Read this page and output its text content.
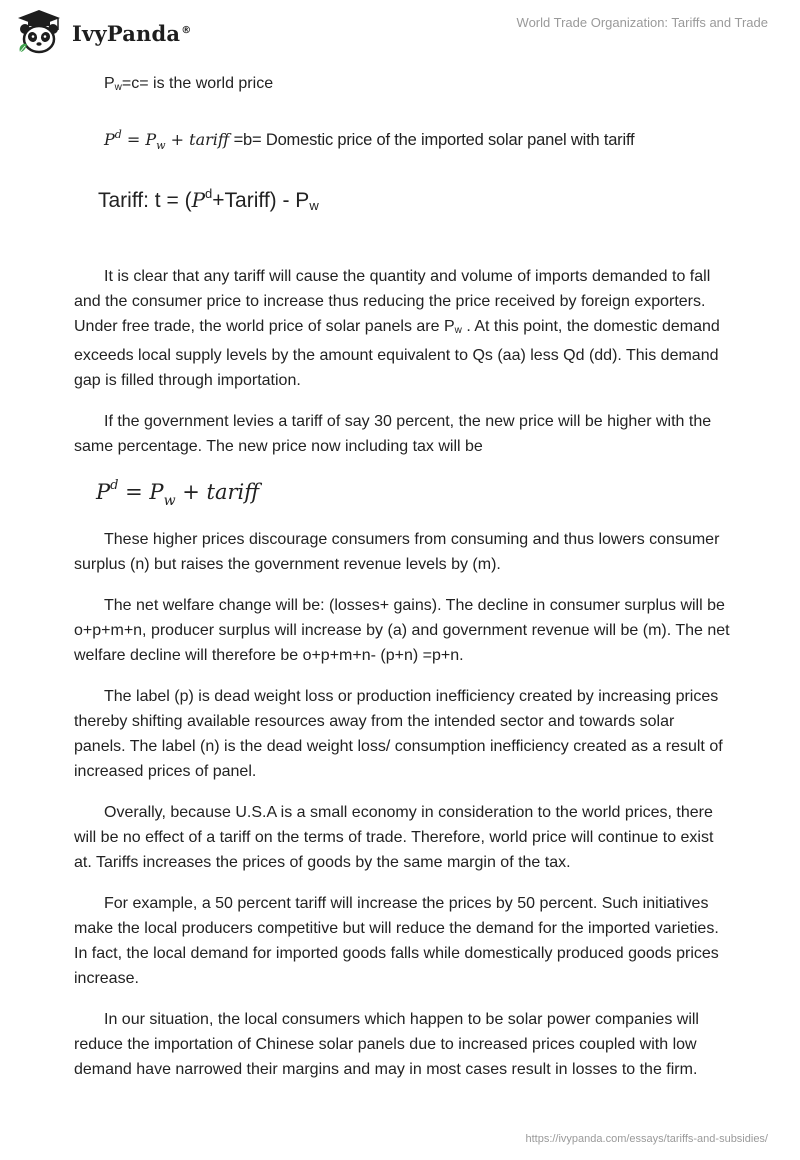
IvyPanda®	World Trade Organization: Tariffs and Trade

$P_w=c=$ is the world price

$P^d = P_w$ + tariff =b= Domestic price of the imported solar panel with tariff
Tariff: $t = (P^d+Tariff) - Pw$

It is clear that any tariff will cause the quantity and volume of imports demanded to fall and the consumer price to increase thus reducing the price received by foreign exporters. Under free trade, the world price of solar panels are $P_w$ . At this point, the domestic demand exceeds local supply levels by the amount equivalent to Qs (aa) less Qd (dd). This demand gap is filled through importation.

If the government levies a tariff of say 30 percent, the new price will be higher with the same percentage. The new price now including tax will be

$P^d = P_w$ + tariff

These higher prices discourage consumers from consuming and thus lowers consumer surplus (n) but raises the government revenue levels by (m).

The net welfare change will be: (losses+ gains). The decline in consumer surplus will be o+p+m+n, producer surplus will increase by (a) and government revenue will be (m). The net welfare decline will therefore be o+p+m+n- (p+n) =p+n.

The label (p) is dead weight loss or production inefficiency created by increasing prices thereby shifting available resources away from the intended sector and towards solar panels. The label (n) is the dead weight loss/ consumption inefficiency created as a result of increased prices of panel.

Overally, because U.S.A is a small economy in consideration to the world prices, there will be no effect of a tariff on the terms of trade. Therefore, world price will continue to exist at. Tariffs increases the prices of goods by the same margin of the tax.

For example, a 50 percent tariff will increase the prices by 50 percent. Such initiatives make the local producers competitive but will reduce the demand for the imported varieties. In fact, the local demand for imported goods falls while domestically produced goods prices increase.

In our situation, the local consumers which happen to be solar power companies will reduce the importation of Chinese solar panels due to increased prices coupled with low demand have narrowed their margins and may in most cases result in losses to the firm.

https://ivypanda.com/essays/tariffs-and-subsidies/
